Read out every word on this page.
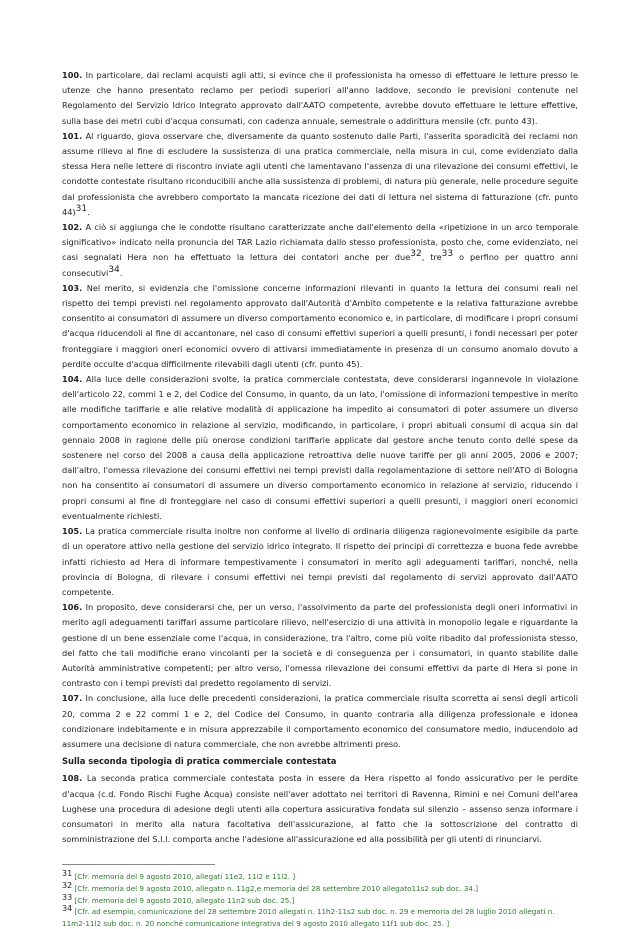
100. In particolare, dai reclami acquisti agli atti, si evince che il professionista ha omesso di effettuare le letture presso le utenze che hanno presentato reclamo per periodi superiori all'anno laddove, secondo le previsioni contenute nel Regolamento del Servizio Idrico Integrato approvato dall'AATO competente, avrebbe dovuto effettuare le letture effettive, sulla base dei metri cubi d'acqua consumati, con cadenza annuale, semestrale o addirittura mensile (cfr. punto 43).

101. Al riguardo, giova osservare che, diversamente da quanto sostenuto dalle Parti, l'asserita sporadicità dei reclami non assume rilievo al fine di escludere la sussistenza di una pratica commerciale, nella misura in cui, come evidenziato dalla stessa Hera nelle lettere di riscontro inviate agli utenti che lamentavano l'assenza di una rilevazione dei consumi effettivi, le condotte contestate risultano riconducibili anche alla sussistenza di problemi, di natura più generale, nelle procedure seguite dal professionista che avrebbero comportato la mancata ricezione dei dati di lettura nel sistema di fatturazione (cfr. punto 44)$^{31}$.

102. A ciò si aggiunga che le condotte risultano caratterizzate anche dall'elemento della «ripetizione in un arco temporale significativo» indicato nella pronuncia del TAR Lazio richiamata dallo stesso professionista, posto che, come evidenziato, nei casi segnalati Hera non ha effettuato la lettura dei contatori anche per due$^{32}$, tre$^{33}$ o perfino per quattro anni consecutivi$^{34}$.

103. Nel merito, si evidenzia che l'omissione concerne informazioni rilevanti in quanto la lettura dei consumi reali nel rispetto dei tempi previsti nel regolamento approvato dall'Autorità d'Ambito competente e la relativa fatturazione avrebbe consentito ai consumatori di assumere un diverso comportamento economico e, in particolare, di modificare i propri consumi d'acqua riducendoli al fine di accantonare, nel caso di consumi effettivi superiori a quelli presunti, i fondi necessari per poter fronteggiare i maggiori oneri economici ovvero di attivarsi immediatamente in presenza di un consumo anomalo dovuto a perdite occulte d'acqua difficilmente rilevabili dagli utenti (cfr. punto 45).

104. Alla luce delle considerazioni svolte, la pratica commerciale contestata, deve considerarsi ingannevole in violazione dell'articolo 22, commi 1 e 2, del Codice del Consumo, in quanto, da un lato, l'omissione di informazioni tempestive in merito alle modifiche tariffarie e alle relative modalità di applicazione ha impedito ai consumatori di poter assumere un diverso comportamento economico in relazione al servizio, modificando, in particolare, i propri abituali consumi di acqua sin dal gennaio 2008 in ragione delle più onerose condizioni tariffarie applicate dal gestore anche tenuto conto delle spese da sostenere nel corso del 2008 a causa della applicazione retroattiva delle nuove tariffe per gli anni 2005, 2006 e 2007; dall'altro, l'omessa rilevazione dei consumi effettivi nei tempi previsti dalla regolamentazione di settore nell'ATO di Bologna non ha consentito ai consumatori di assumere un diverso comportamento economico in relazione al servizio, riducendo i propri consumi al fine di fronteggiare nel caso di consumi effettivi superiori a quelli presunti, i maggiori oneri economici eventualmente richiesti.

105. La pratica commerciale risulta inoltre non conforme al livello di ordinaria diligenza ragionevolmente esigibile da parte di un operatore attivo nella gestione del servizio idrico integrato. Il rispetto dei principi di correttezza e buona fede avrebbe infatti richiesto ad Hera di informare tempestivamente i consumatori in merito agli adeguamenti tariffari, nonché, nella provincia di Bologna, di rilevare i consumi effettivi nei tempi previsti dal regolamento di servizi approvato dall'AATO competente.

106. In proposito, deve considerarsi che, per un verso, l'assolvimento da parte del professionista degli oneri informativi in merito agli adeguamenti tariffari assume particolare rilievo, nell'esercizio di una attività in monopolio legale e riguardante la gestione di un bene essenziale come l'acqua, in considerazione, tra l'altro, come più volte ribadito dal professionista stesso, del fatto che tali modifiche erano vincolanti per la società e di conseguenza per i consumatori, in quanto stabilite dalle Autorità amministrative competenti; per altro verso, l'omessa rilevazione dei consumi effettivi da parte di Hera si pone in contrasto con i tempi previsti dal predetto regolamento di servizi.

107. In conclusione, alla luce delle precedenti considerazioni, la pratica commerciale risulta scorretta ai sensi degli articoli 20, comma 2 e 22 commi 1 e 2, del Codice del Consumo, in quanto contraria alla diligenza professionale e idonea condizionare indebitamente e in misura apprezzabile il comportamento economico del consumatore medio, inducendolo ad assumere una decisione di natura commerciale, che non avrebbe altrimenti preso.

Sulla seconda tipologia di pratica commerciale contestata

108. La seconda pratica commerciale contestata posta in essere da Hera rispetto al fondo assicurativo per le perdite d'acqua (c.d. Fondo Rischi Fughe Acqua) consiste nell'aver adottato nei territori di Ravenna, Rimini e nei Comuni dell'area Lughese una procedura di adesione degli utenti alla copertura assicurativa fondata sul silenzio – assenso senza informare i consumatori in merito alla natura facoltativa dell'assicurazione, al fatto che la sottoscrizione del contratto di somministrazione del S.I.I. comporta anche l'adesione all'assicurazione ed alla possibilità per gli utenti di rinunciarvi.

31 [Cfr. memoria del 9 agosto 2010, allegati 11e2, 11i2 e 11l2. ]

32 [Cfr. memoria del 9 agosto 2010, allegato n. 11g2,e memoria del 28 settembre 2010 allegato11s2 sub doc. 34.]

33 [Cfr. memoria del 9 agosto 2010, allegato 11n2 sub doc. 25.]

34 [Cfr. ad esempio, comunicazione del 28 settembre 2010 allegati n. 11h2-11s2 sub doc. n. 29 e memoria del 28 luglio 2010 allegati n. 11m2-11l2 sub doc. n. 20 nonché comunicazione integrativa del 9 agosto 2010 allegato 11f1 sub doc. 25. ]
